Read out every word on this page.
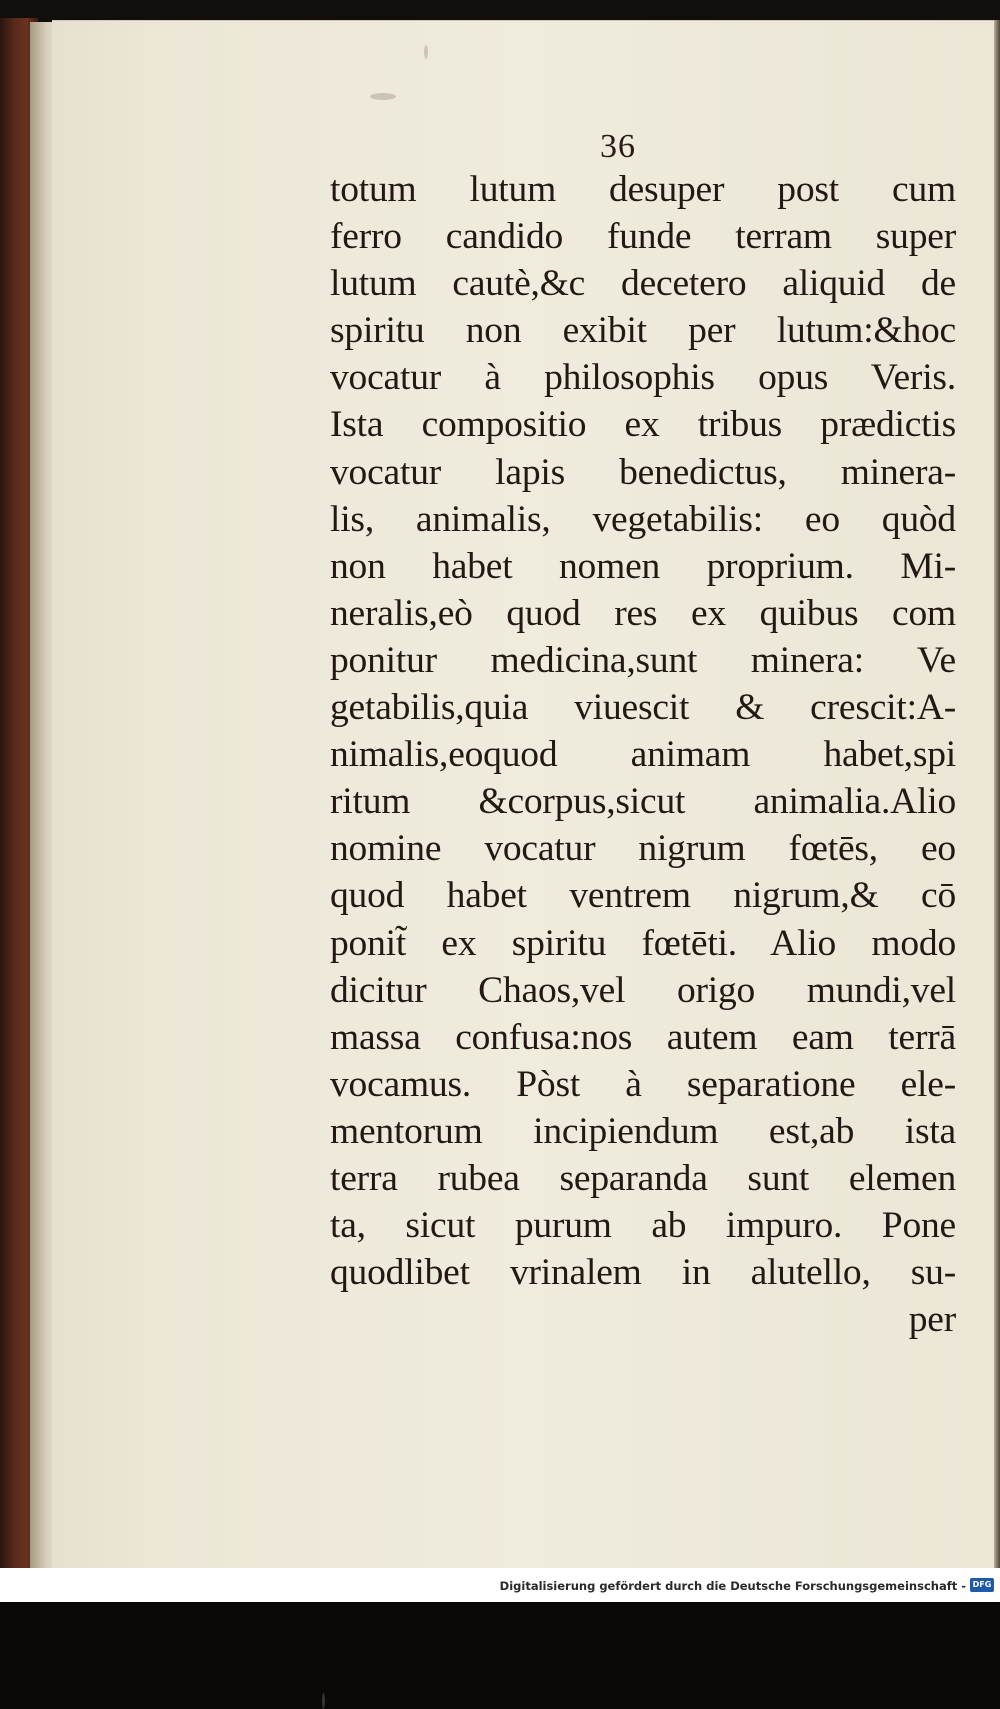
36
totum lutum desuper post cum
ferro candido funde terram super
lutum cautè,&c decetero aliquid de
spiritu non exibit per lutum:&hoc
vocatur à philosophis opus Veris.
Ista compositio ex tribus prædictis
vocatur lapis benedictus, minera-
lis, animalis, vegetabilis: eo quòd
non habet nomen proprium. Mi-
neralis,eò quod res ex quibus com
ponitur medicina,sunt minera: Ve
getabilis,quia viuescit & crescit:A-
nimalis,eoquod animam habet,spi
ritum &corpus,sicut animalia.Alio
nomine vocatur nigrum fœtēs, eo
quod habet ventrem nigrum,& cō
ponit̃ ex spiritu fœtēti. Alio modo
dicitur Chaos,vel origo mundi,vel
massa confusa:nos autem eam terrā
vocamus. Pòst à separatione ele-
mentorum incipiendum est,ab ista
terra rubea separanda sunt elemen
ta, sicut purum ab impuro. Pone
quodlibet vrinalem in alutello, su-
per
Digitalisierung gefördert durch die Deutsche Forschungsgemeinschaft - DFG
